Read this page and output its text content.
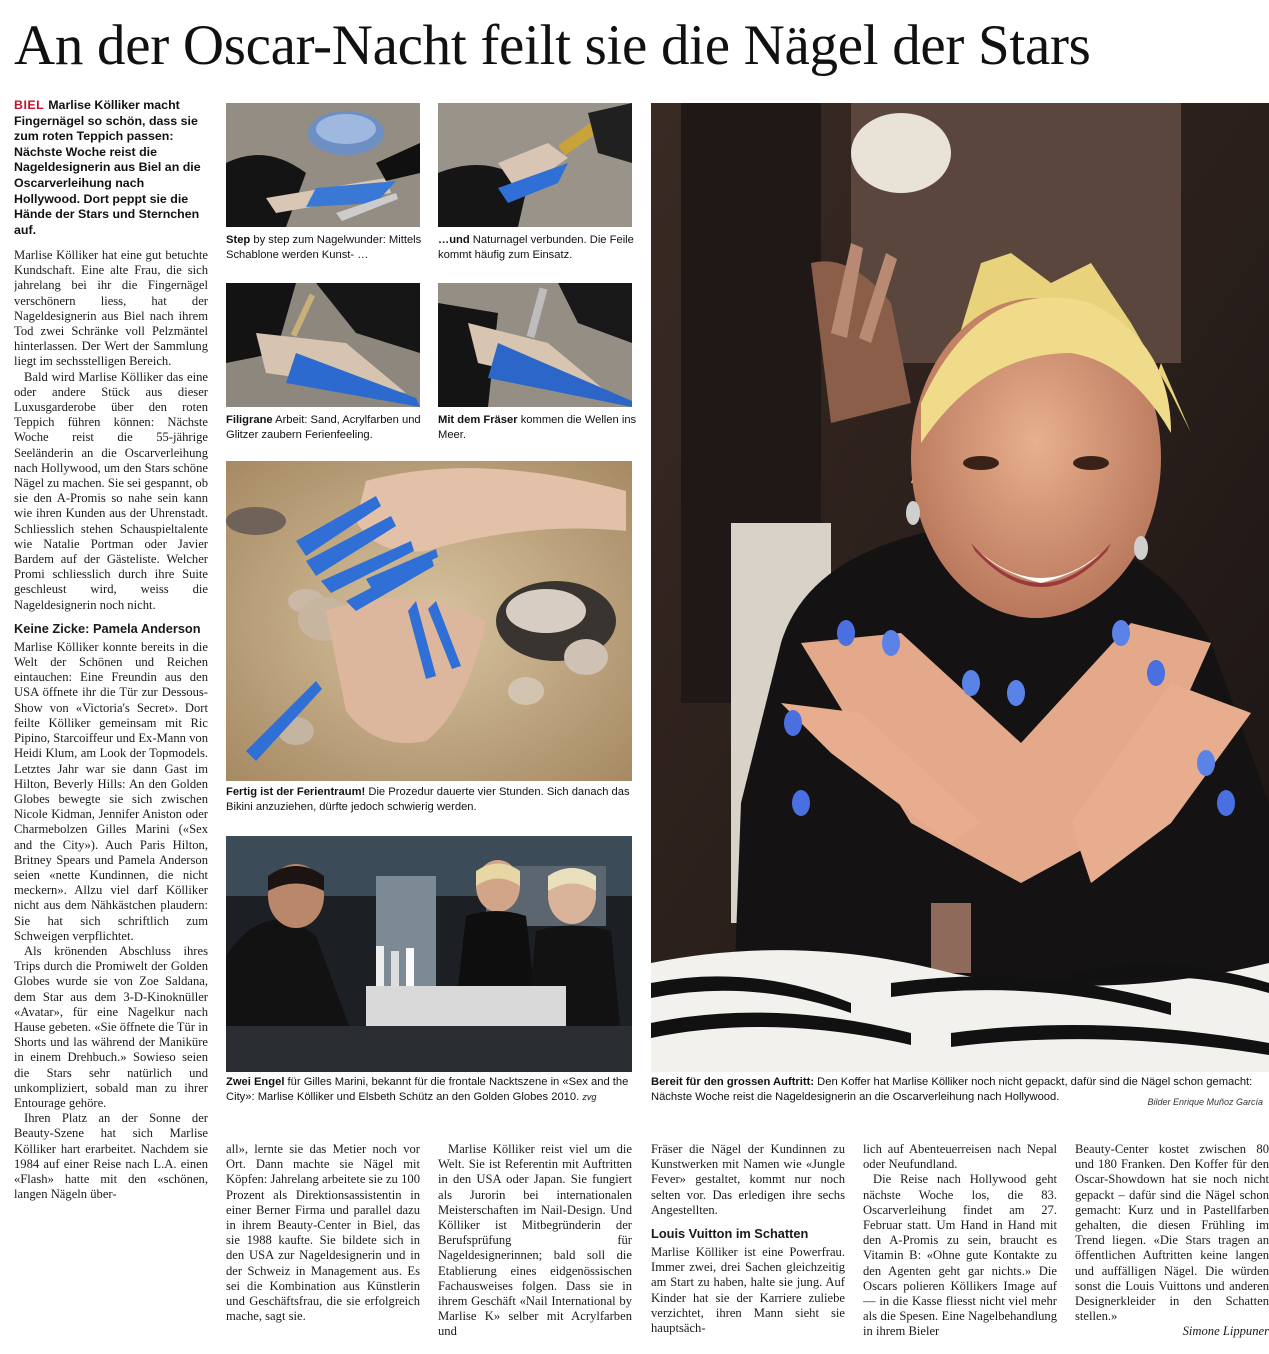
An der Oscar-Nacht feilt sie die Nägel der Stars
BIEL Marlise Kölliker macht Fingernägel so schön, dass sie zum roten Teppich passen: Nächste Woche reist die Nageldesignerin aus Biel an die Oscarverleihung nach Hollywood. Dort peppt sie die Hände der Stars und Sternchen auf.

Marlise Kölliker hat eine gut betuchte Kundschaft. Eine alte Frau, die sich jahrelang bei ihr die Fingernägel verschönern liess, hat der Nageldesignerin aus Biel nach ihrem Tod zwei Schränke voll Pelzmäntel hinterlassen. Der Wert der Sammlung liegt im sechsstelligen Bereich.

Bald wird Marlise Kölliker das eine oder andere Stück aus dieser Luxusgarderobe über den roten Teppich führen können: Nächste Woche reist die 55-jährige Seeländerin an die Oscarverleihung nach Hollywood, um den Stars schöne Nägel zu machen. Sie sei gespannt, ob sie den A-Promis so nahe sein kann wie ihren Kunden aus der Uhrenstadt. Schliesslich stehen Schauspieltalente wie Natalie Portman oder Javier Bardem auf der Gästeliste. Welcher Promi schliesslich durch ihre Suite geschleust wird, weiss die Nageldesignerin noch nicht.

Keine Zicke: Pamela Anderson

Marlise Kölliker konnte bereits in die Welt der Schönen und Reichen eintauchen: Eine Freundin aus den USA öffnete ihr die Tür zur Dessous-Show von «Victoria's Secret». Dort feilte Kölliker gemeinsam mit Ric Pipino, Starcoiffeur und Ex-Mann von Heidi Klum, am Look der Topmodels. Letztes Jahr war sie dann Gast im Hilton, Beverly Hills: An den Golden Globes bewegte sie sich zwischen Nicole Kidman, Jennifer Aniston oder Charmebolzen Gilles Marini («Sex and the City»). Auch Paris Hilton, Britney Spears und Pamela Anderson seien «nette Kundinnen, die nicht meckern». Allzu viel darf Kölliker nicht aus dem Nähkästchen plaudern: Sie hat sich schriftlich zum Schweigen verpflichtet.

Als krönenden Abschluss ihres Trips durch die Promiwelt der Golden Globes wurde sie von Zoe Saldana, dem Star aus dem 3-D-Kinoknüller «Avatar», für eine Nagelkur nach Hause gebeten. «Sie öffnete die Tür in Shorts und las während der Maniküre in einem Drehbuch.» Sowieso seien die Stars sehr natürlich und unkompliziert, sobald man zu ihrer Entourage gehöre.

Ihren Platz an der Sonne der Beauty-Szene hat sich Marlise Kölliker hart erarbeitet. Nachdem sie 1984 auf einer Reise nach L.A. einen «Flash» hatte mit den «schönen, langen Nägeln über-

Step by step zum Nagelwunder: Mittels Schablone werden Kunst- …
…und Naturnagel verbunden. Die Feile kommt häufig zum Einsatz.
Filigrane Arbeit: Sand, Acrylfarben und Glitzer zaubern Ferienfeeling.
Mit dem Fräser kommen die Wellen ins Meer.
Fertig ist der Ferientraum! Die Prozedur dauerte vier Stunden. Sich danach das Bikini anzuziehen, dürfte jedoch schwierig werden.
Zwei Engel für Gilles Marini, bekannt für die frontale Nacktszene in «Sex and the City»: Marlise Kölliker und Elsbeth Schütz an den Golden Globes 2010. zvg
Bereit für den grossen Auftritt: Den Koffer hat Marlise Kölliker noch nicht gepackt, dafür sind die Nägel schon gemacht: Nächste Woche reist die Nageldesignerin an die Oscarverleihung nach Hollywood.	Bilder Enrique Muñoz García

all», lernte sie das Metier noch vor Ort. Dann machte sie Nägel mit Köpfen: Jahrelang arbeitete sie zu 100 Prozent als Direktionsassistentin in einer Berner Firma und parallel dazu in ihrem Beauty-Center in Biel, das sie 1988 kaufte. Sie bildete sich in den USA zur Nageldesignerin und in der Schweiz in Management aus. Es sei die Kombination aus Künstlerin und Geschäftsfrau, die sie erfolgreich mache, sagt sie.

Marlise Kölliker reist viel um die Welt. Sie ist Referentin mit Auftritten in den USA oder Japan. Sie fungiert als Jurorin bei internationalen Meisterschaften im Nail-Design. Und Kölliker ist Mitbegründerin der Berufsprüfung für Nageldesignerinnen; bald soll die Etablierung eines eidgenössischen Fachausweises folgen. Dass sie in ihrem Geschäft «Nail International by Marlise K» selber mit Acrylfarben und

Fräser die Nägel der Kundinnen zu Kunstwerken mit Namen wie «Jungle Fever» gestaltet, kommt nur noch selten vor. Das erledigen ihre sechs Angestellten.

Louis Vuitton im Schatten

Marlise Kölliker ist eine Powerfrau. Immer zwei, drei Sachen gleichzeitig am Start zu haben, halte sie jung. Auf Kinder hat sie der Karriere zuliebe verzichtet, ihren Mann sieht sie hauptsäch-

lich auf Abenteuerreisen nach Nepal oder Neufundland.

Die Reise nach Hollywood geht nächste Woche los, die 83. Oscarverleihung findet am 27. Februar statt. Um Hand in Hand mit den A-Promis zu sein, braucht es Vitamin B: «Ohne gute Kontakte zu den Agenten geht gar nichts.» Die Oscars polieren Köllikers Image auf — in die Kasse fliesst nicht viel mehr als die Spesen. Eine Nagelbehandlung in ihrem Bieler

Beauty-Center kostet zwischen 80 und 180 Franken. Den Koffer für den Oscar-Showdown hat sie noch nicht gepackt – dafür sind die Nägel schon gemacht: Kurz und in Pastellfarben gehalten, die diesen Frühling im Trend liegen. «Die Stars tragen an öffentlichen Auftritten keine langen und auffälligen Nägel. Die würden sonst die Louis Vuittons und anderen Designerkleider in den Schatten stellen.»

Simone Lippuner
